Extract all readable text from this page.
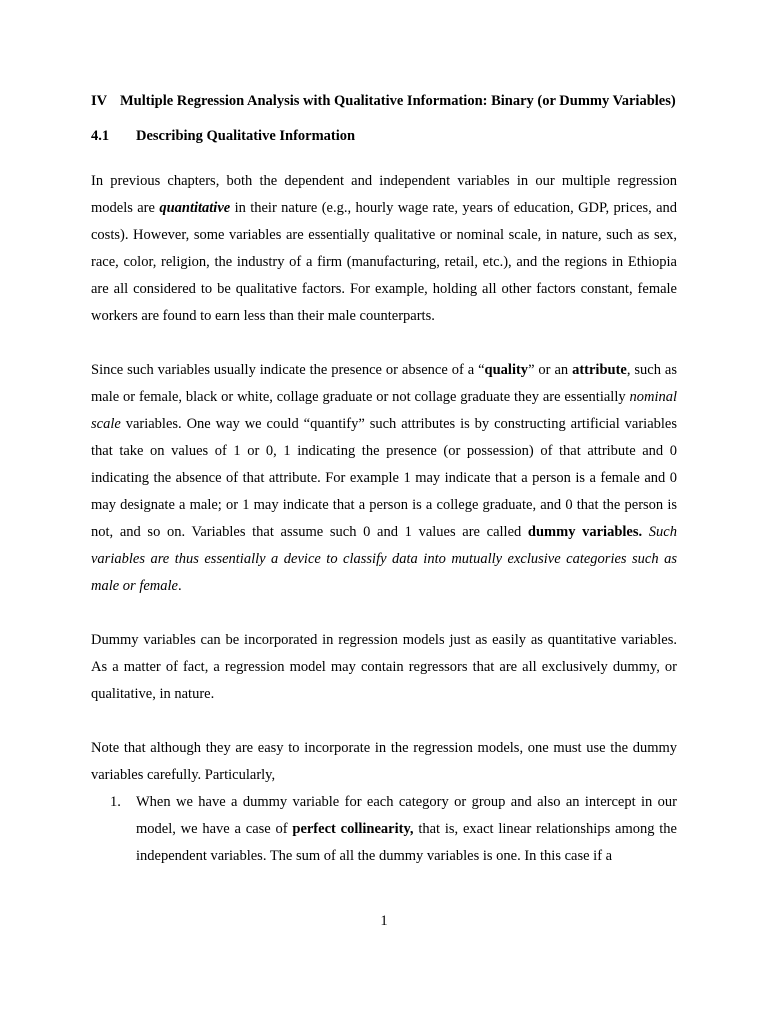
IV Multiple Regression Analysis with Qualitative Information: Binary (or Dummy Variables)
4.1 Describing Qualitative Information

In previous chapters, both the dependent and independent variables in our multiple regression models are quantitative in their nature (e.g., hourly wage rate, years of education, GDP, prices, and costs). However, some variables are essentially qualitative or nominal scale, in nature, such as sex, race, color, religion, the industry of a firm (manufacturing, retail, etc.), and the regions in Ethiopia are all considered to be qualitative factors. For example, holding all other factors constant, female workers are found to earn less than their male counterparts.

Since such variables usually indicate the presence or absence of a “quality” or an attribute, such as male or female, black or white, collage graduate or not collage graduate they are essentially nominal scale variables. One way we could “quantify” such attributes is by constructing artificial variables that take on values of 1 or 0, 1 indicating the presence (or possession) of that attribute and 0 indicating the absence of that attribute. For example 1 may indicate that a person is a female and 0 may designate a male; or 1 may indicate that a person is a college graduate, and 0 that the person is not, and so on. Variables that assume such 0 and 1 values are called dummy variables. Such variables are thus essentially a device to classify data into mutually exclusive categories such as male or female.

Dummy variables can be incorporated in regression models just as easily as quantitative variables. As a matter of fact, a regression model may contain regressors that are all exclusively dummy, or qualitative, in nature.

Note that although they are easy to incorporate in the regression models, one must use the dummy variables carefully. Particularly,

1. When we have a dummy variable for each category or group and also an intercept in our model, we have a case of perfect collinearity, that is, exact linear relationships among the independent variables. The sum of all the dummy variables is one. In this case if a
1
